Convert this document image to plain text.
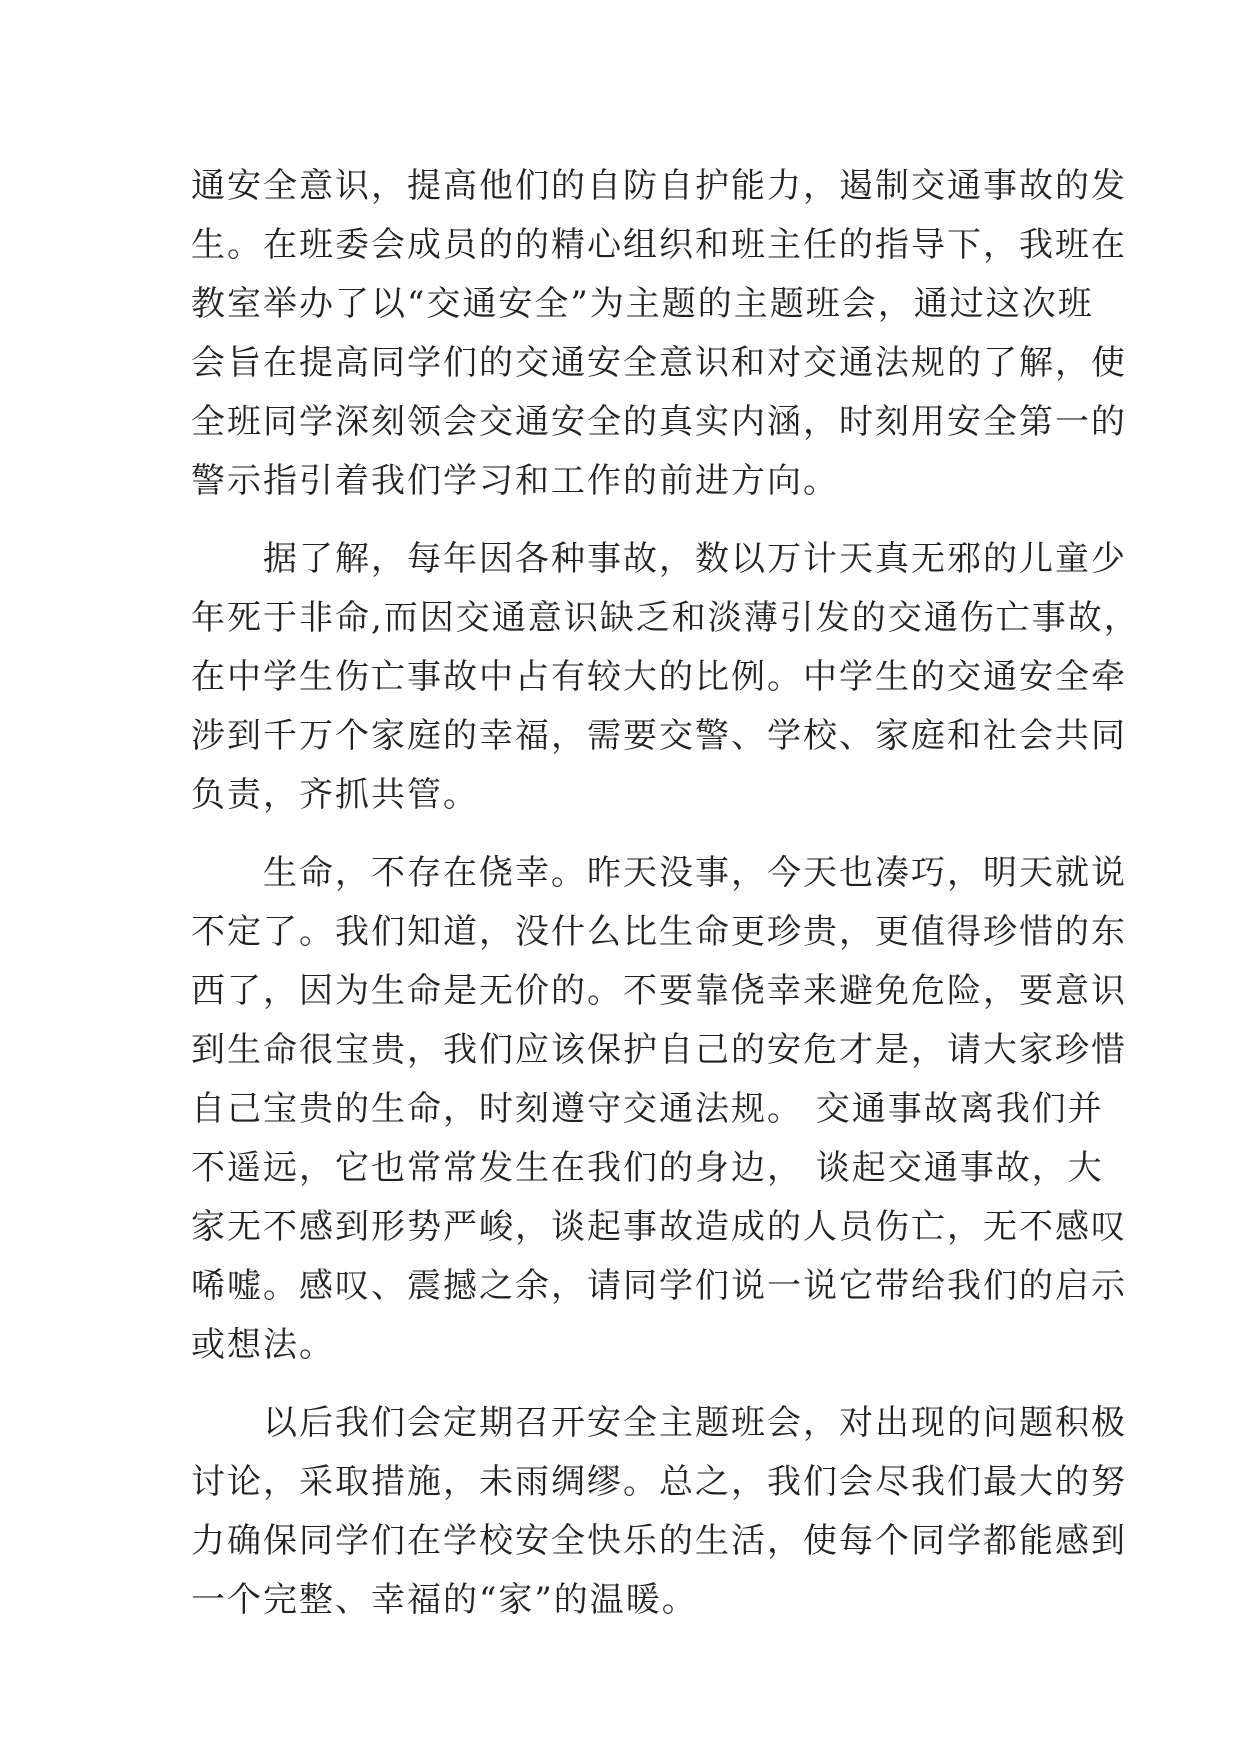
通安全意识，提高他们的自防自护能力，遏制交通事故的发
生。在班委会成员的的精心组织和班主任的指导下，我班在
教室举办了以“交通安全”为主题的主题班会，通过这次班
会旨在提高同学们的交通安全意识和对交通法规的了解，使
全班同学深刻领会交通安全的真实内涵，时刻用安全第一的
警示指引着我们学习和工作的前进方向。
　　据了解，每年因各种事故，数以万计天真无邪的儿童少
年死于非命,而因交通意识缺乏和淡薄引发的交通伤亡事故，
在中学生伤亡事故中占有较大的比例。中学生的交通安全牵
涉到千万个家庭的幸福，需要交警、学校、家庭和社会共同
负责，齐抓共管。
　　生命，不存在侥幸。昨天没事，今天也凑巧，明天就说
不定了。我们知道，没什么比生命更珍贵，更值得珍惜的东
西了，因为生命是无价的。不要靠侥幸来避免危险，要意识
到生命很宝贵，我们应该保护自己的安危才是，请大家珍惜
自己宝贵的生命，时刻遵守交通法规。 交通事故离我们并
不遥远，它也常常发生在我们的身边， 谈起交通事故，大
家无不感到形势严峻，谈起事故造成的人员伤亡，无不感叹
唏嘘。感叹、震撼之余，请同学们说一说它带给我们的启示
或想法。
　　以后我们会定期召开安全主题班会，对出现的问题积极
讨论，采取措施，未雨绸缪。总之，我们会尽我们最大的努
力确保同学们在学校安全快乐的生活，使每个同学都能感到
一个完整、幸福的“家”的温暖。
